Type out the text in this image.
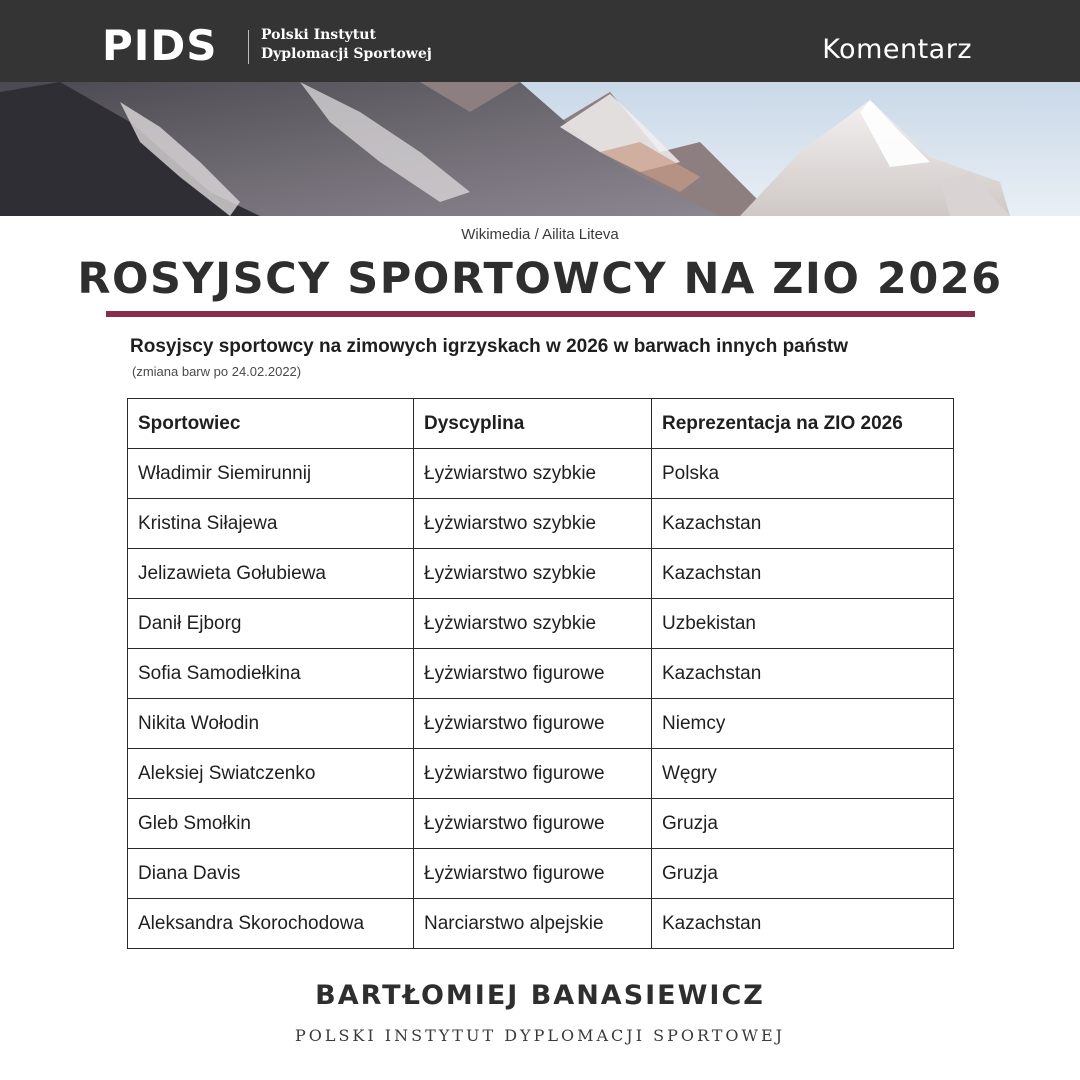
PIDS	Polski Instytut
Dyplomacji Sportowej	Komentarz
Wikimedia / Ailita Liteva
ROSYJSCY SPORTOWCY NA ZIO 2026
Rosyjscy sportowcy na zimowych igrzyskach w 2026 w barwach innych państw
(zmiana barw po 24.02.2022)
Sportowiec	Dyscyplina	Reprezentacja na ZIO 2026
Władimir Siemirunnij	Łyżwiarstwo szybkie	Polska
Kristina Siłajewa	Łyżwiarstwo szybkie	Kazachstan
Jelizawieta Gołubiewa	Łyżwiarstwo szybkie	Kazachstan
Danił Ejborg	Łyżwiarstwo szybkie	Uzbekistan
Sofia Samodiełkina	Łyżwiarstwo figurowe	Kazachstan
Nikita Wołodin	Łyżwiarstwo figurowe	Niemcy
Aleksiej Swiatczenko	Łyżwiarstwo figurowe	Węgry
Gleb Smołkin	Łyżwiarstwo figurowe	Gruzja
Diana Davis	Łyżwiarstwo figurowe	Gruzja
Aleksandra Skorochodowa	Narciarstwo alpejskie	Kazachstan
BARTŁOMIEJ BANASIEWICZ
POLSKI INSTYTUT DYPLOMACJI SPORTOWEJ
